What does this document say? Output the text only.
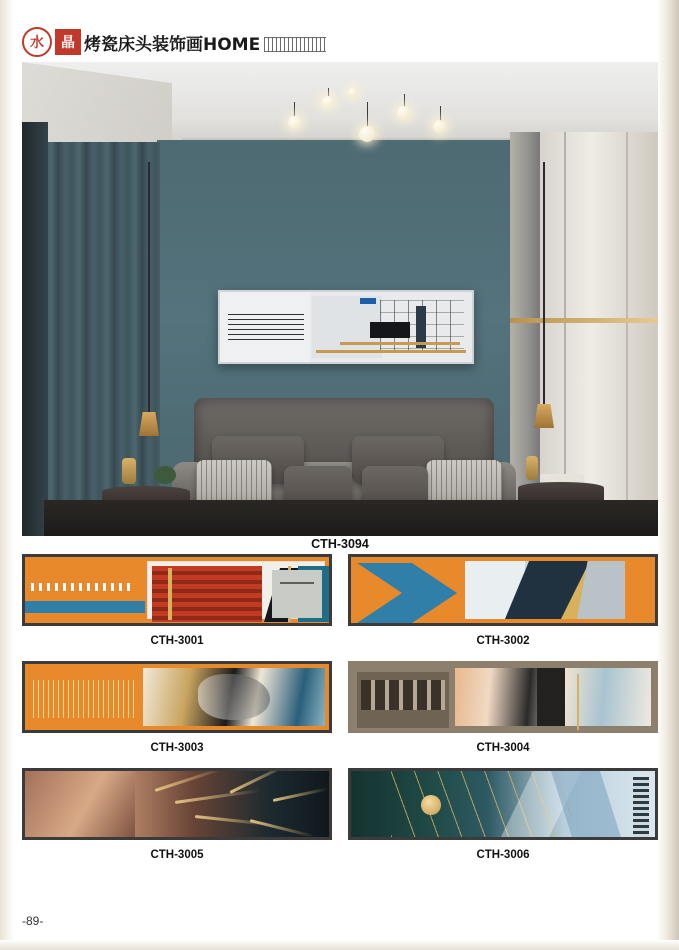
水	晶 烤瓷床头装饰画HOME
CTH-3094
CTH-3001	CTH-3002
CTH-3003	CTH-3004
CTH-3005	CTH-3006
-89-
